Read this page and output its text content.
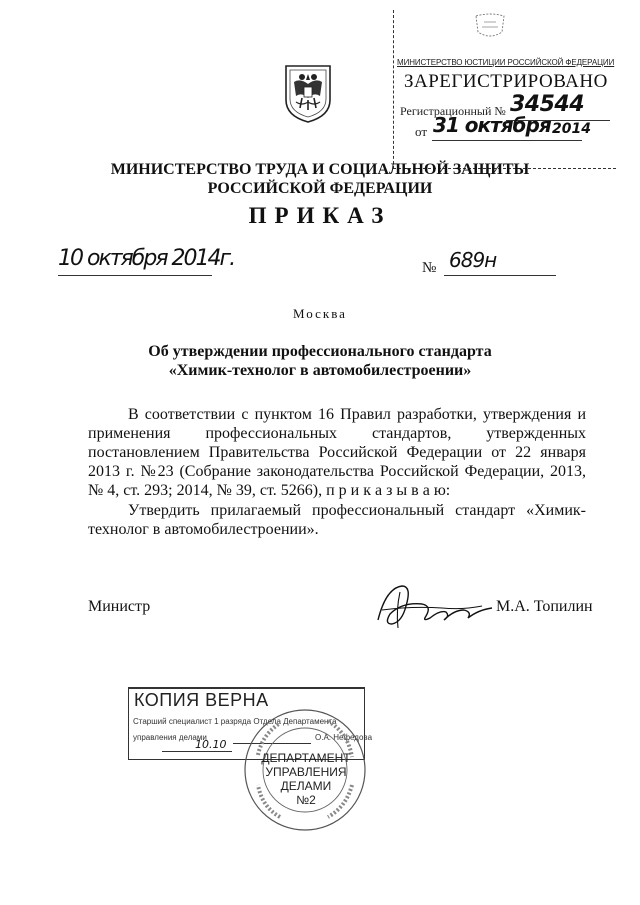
МИНИСТЕРСТВО ЮСТИЦИИ РОССИЙСКОЙ ФЕДЕРАЦИИ
ЗАРЕГИСТРИРОВАНО
Регистрационный № 34544
от 31 октября 2014
МИНИСТЕРСТВО ТРУДА И СОЦИАЛЬНОЙ ЗАЩИТЫ
РОССИЙСКОЙ ФЕДЕРАЦИИ
ПРИКАЗ
10 октября 2014г.	№ 689н
Москва
Об утверждении профессионального стандарта
«Химик-технолог в автомобилестроении»
В соответствии с пунктом 16 Правил разработки, утверждения и применения профессиональных стандартов, утвержденных постановлением Правительства Российской Федерации от 22 января 2013 г. №23 (Собрание законодательства Российской Федерации, 2013, № 4, ст. 293; 2014, № 39, ст. 5266), п р и к а з ы в а ю:
Утвердить прилагаемый профессиональный стандарт «Химик-технолог в автомобилестроении».
Министр	М.А. Топилин
КОПИЯ ВЕРНА
Старший специалист 1 разряда Отдела Департамента
управления делами	О.А. Нефедова
10.10
ДЕПАРТАМЕНТ
УПРАВЛЕНИЯ
ДЕЛАМИ
№2
